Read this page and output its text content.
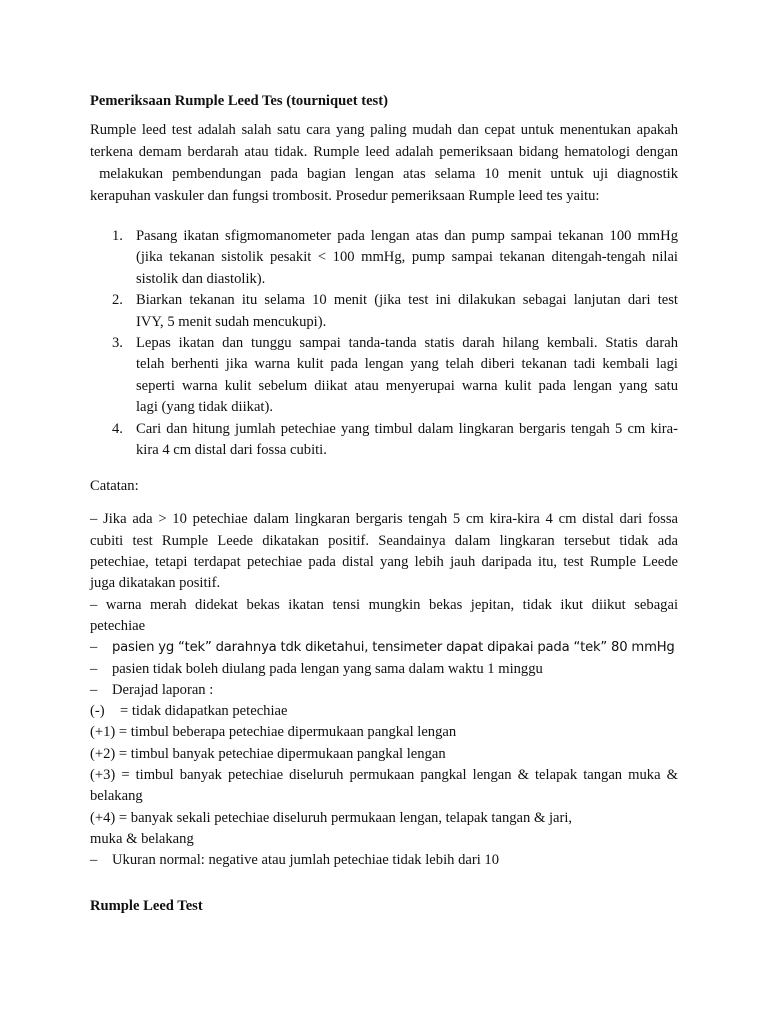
Pemeriksaan Rumple Leed Tes (tourniquet test)

Rumple leed test adalah salah satu cara yang paling mudah dan cepat untuk menentukan apakah
terkena demam berdarah atau tidak. Rumple leed adalah pemeriksaan bidang hematologi dengan
melakukan pembendungan pada bagian lengan atas selama 10 menit untuk uji diagnostik
kerapuhan vaskuler dan fungsi trombosit. Prosedur pemeriksaan Rumple leed tes yaitu:

1. Pasang ikatan sfigmomanometer pada lengan atas dan pump sampai tekanan 100 mmHg
(jika tekanan sistolik pesakit < 100 mmHg, pump sampai tekanan ditengah-tengah nilai
sistolik dan diastolik).
2. Biarkan tekanan itu selama 10 menit (jika test ini dilakukan sebagai lanjutan dari test
IVY, 5 menit sudah mencukupi).
3. Lepas ikatan dan tunggu sampai tanda-tanda statis darah hilang kembali. Statis darah
telah berhenti jika warna kulit pada lengan yang telah diberi tekanan tadi kembali lagi
seperti warna kulit sebelum diikat atau menyerupai warna kulit pada lengan yang satu
lagi (yang tidak diikat).
4. Cari dan hitung jumlah petechiae yang timbul dalam lingkaran bergaris tengah 5 cm kira-
kira 4 cm distal dari fossa cubiti.
Catatan:
– Jika ada > 10 petechiae dalam lingkaran bergaris tengah 5 cm kira-kira 4 cm distal dari fossa
cubiti test Rumple Leede dikatakan positif. Seandainya dalam lingkaran tersebut tidak ada
petechiae, tetapi terdapat petechiae pada distal yang lebih jauh daripada itu, test Rumple Leede
juga dikatakan positif.
– warna merah didekat bekas ikatan tensi mungkin bekas jepitan, tidak ikut diikut sebagai
petechiae
– pasien yg “tek” darahnya tdk diketahui, tensimeter dapat dipakai pada “tek” 80 mmHg
– pasien tidak boleh diulang pada lengan yang sama dalam waktu 1 minggu
– Derajad laporan :
(-) = tidak didapatkan petechiae
(+1) = timbul beberapa petechiae dipermukaan pangkal lengan
(+2) = timbul banyak petechiae dipermukaan pangkal lengan
(+3) = timbul banyak petechiae diseluruh permukaan pangkal lengan & telapak tangan muka &
belakang
(+4) = banyak sekali petechiae diseluruh permukaan lengan, telapak tangan & jari,
muka & belakang
– Ukuran normal: negative atau jumlah petechiae tidak lebih dari 10
Rumple Leed Test
